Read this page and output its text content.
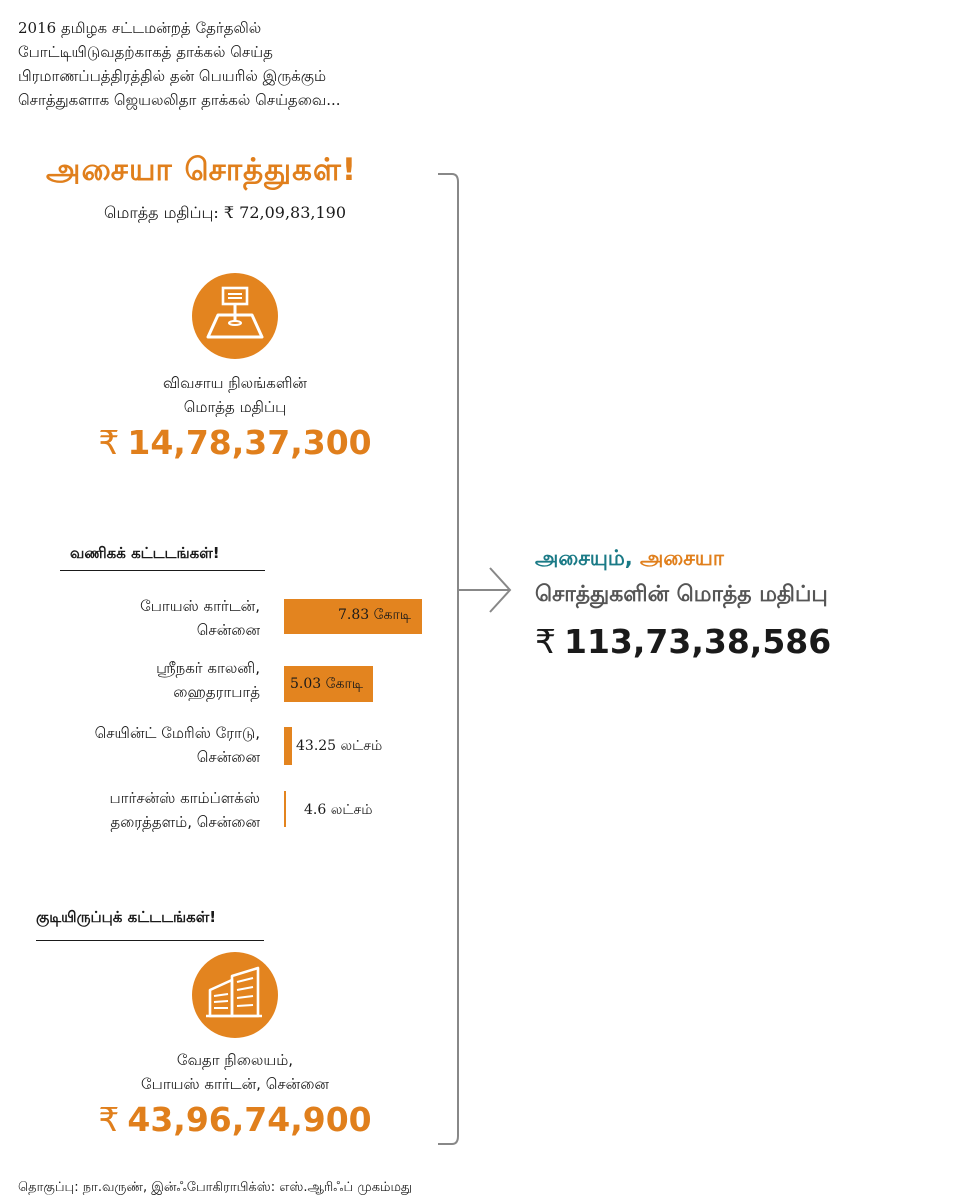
2016 தமிழக சட்டமன்றத் தேர்தலில்
போட்டியிடுவதற்காகத் தாக்கல் செய்த
பிரமாணப்பத்திரத்தில் தன் பெயரில் இருக்கும்
சொத்துகளாக ஜெயலலிதா தாக்கல் செய்தவை...
அசையா சொத்துகள்!
மொத்த மதிப்பு: ₹ 72,09,83,190
விவசாய நிலங்களின்
மொத்த மதிப்பு
₹ 14,78,37,300
வணிகக் கட்டடங்கள்!
போயஸ் கார்டன்,
சென்னை
7.83 கோடி
ஸ்ரீநகர் காலனி,
ஹைதராபாத் 5.03 கோடி
செயின்ட் மேரிஸ் ரோடு,
சென்னை
43.25 லட்சம்
பார்சன்ஸ் காம்ப்ளக்ஸ்
தரைத்தளம், சென்னை
4.6 லட்சம்
குடியிருப்புக் கட்டடங்கள்!
வேதா நிலையம்,
போயஸ் கார்டன், சென்னை
₹ 43,96,74,900
அசையும், அசையா
சொத்துகளின் மொத்த மதிப்பு
₹ 113,73,38,586
தொகுப்பு: நா.வருண், இன்ஃபோகிராபிக்ஸ்: எஸ்.ஆரிஃப் முகம்மது
